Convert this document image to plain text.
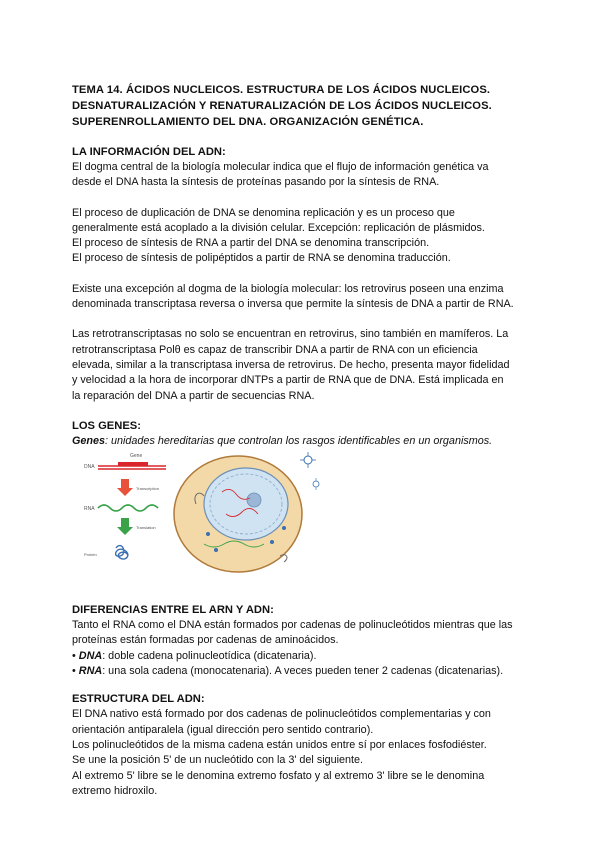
TEMA 14. ÁCIDOS NUCLEICOS. ESTRUCTURA DE LOS ÁCIDOS NUCLEICOS.
DESNATURALIZACIÓN Y RENATURALIZACIÓN DE LOS ÁCIDOS NUCLEICOS.
SUPERENROLLAMIENTO DEL DNA. ORGANIZACIÓN GENÉTICA.
LA INFORMACIÓN DEL ADN:
El dogma central de la biología molecular indica que el flujo de información genética va
desde el DNA hasta la síntesis de proteínas pasando por la síntesis de RNA.
El proceso de duplicación de DNA se denomina replicación y es un proceso que
generalmente está acoplado a la división celular. Excepción: replicación de plásmidos.
El proceso de síntesis de RNA a partir del DNA se denomina transcripción.
El proceso de síntesis de polipéptidos a partir de RNA se denomina traducción.
Existe una excepción al dogma de la biología molecular: los retrovirus poseen una enzima
denominada transcriptasa reversa o inversa que permite la síntesis de DNA a partir de RNA.
Las retrotranscriptasas no solo se encuentran en retrovirus, sino también en mamíferos. La
retrotranscriptasa Polθ es capaz de transcribir DNA a partir de RNA con un eficiencia
elevada, similar a la transcriptasa inversa de retrovirus. De hecho, presenta mayor fidelidad
y velocidad a la hora de incorporar dNTPs a partir de RNA que de DNA. Está implicada en
la reparación del DNA a partir de secuencias RNA.
LOS GENES:
Genes: unidades hereditarias que controlan los rasgos identificables en un organismos.
DIFERENCIAS ENTRE EL ARN Y ADN:
Tanto el RNA como el DNA están formados por cadenas de polinucleótidos mientras que las
proteínas están formadas por cadenas de aminoácidos.
• DNA: doble cadena polinucleotídica (dicatenaria).
• RNA: una sola cadena (monocatenaria). A veces pueden tener 2 cadenas (dicatenarias).
ESTRUCTURA DEL ADN:
El DNA nativo está formado por dos cadenas de polinucleótidos complementarias y con
orientación antiparalela (igual dirección pero sentido contrario).
Los polinucleótidos de la misma cadena están unidos entre sí por enlaces fosfodiéster.
Se une la posición 5' de un nucleótido con la 3' del siguiente.
Al extremo 5' libre se le denomina extremo fosfato y al extremo 3' libre se le denomina
extremo hidroxilo.
Gene
DNA
Transcription
RNA
Translation
Protein
